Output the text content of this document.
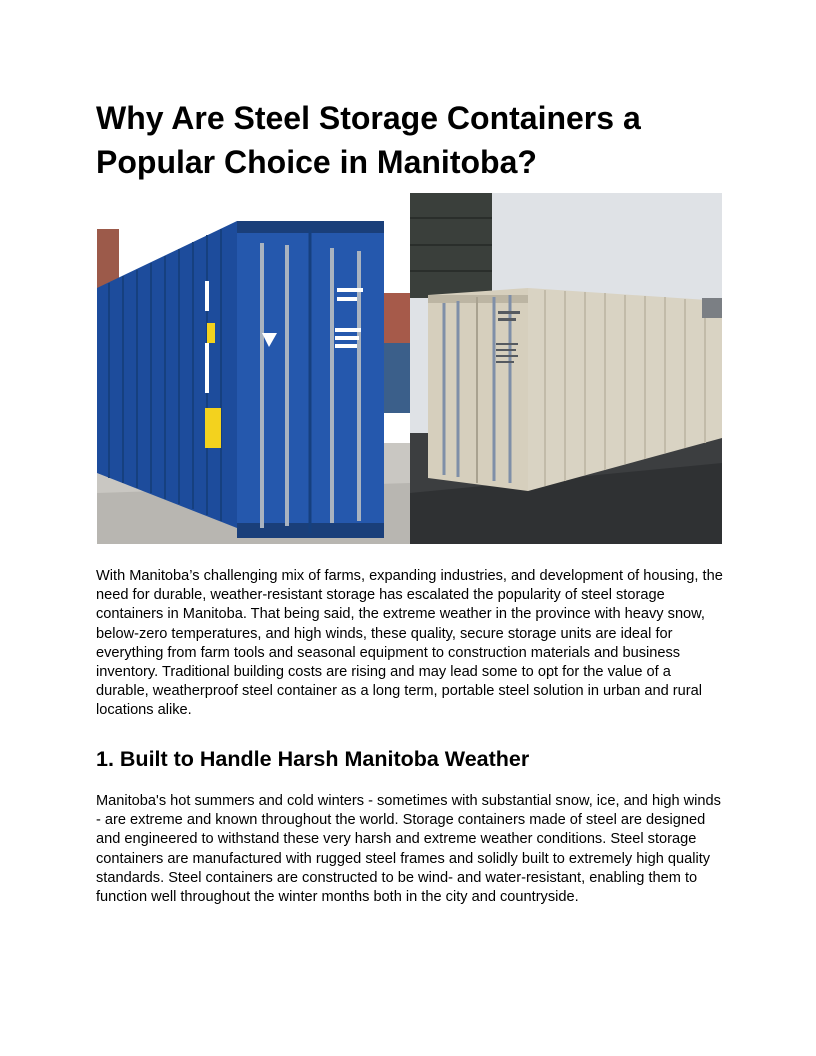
Why Are Steel Storage Containers a Popular Choice in Manitoba?

With Manitoba’s challenging mix of farms, expanding industries, and development of housing, the need for durable, weather-resistant storage has escalated the popularity of steel storage containers in Manitoba. That being said, the extreme weather in the province with heavy snow, below-zero temperatures, and high winds, these quality, secure storage units are ideal for everything from farm tools and seasonal equipment to construction materials and business inventory. Traditional building costs are rising and may lead some to opt for the value of a durable, weatherproof steel container as a long term, portable steel solution in urban and rural locations alike.

1. Built to Handle Harsh Manitoba Weather

Manitoba's hot summers and cold winters - sometimes with substantial snow, ice, and high winds - are extreme and known throughout the world. Storage containers made of steel are designed and engineered to withstand these very harsh and extreme weather conditions. Steel storage containers are manufactured with rugged steel frames and solidly built to extremely high quality standards. Steel containers are constructed to be wind- and water-resistant, enabling them to function well throughout the winter months both in the city and countryside.
